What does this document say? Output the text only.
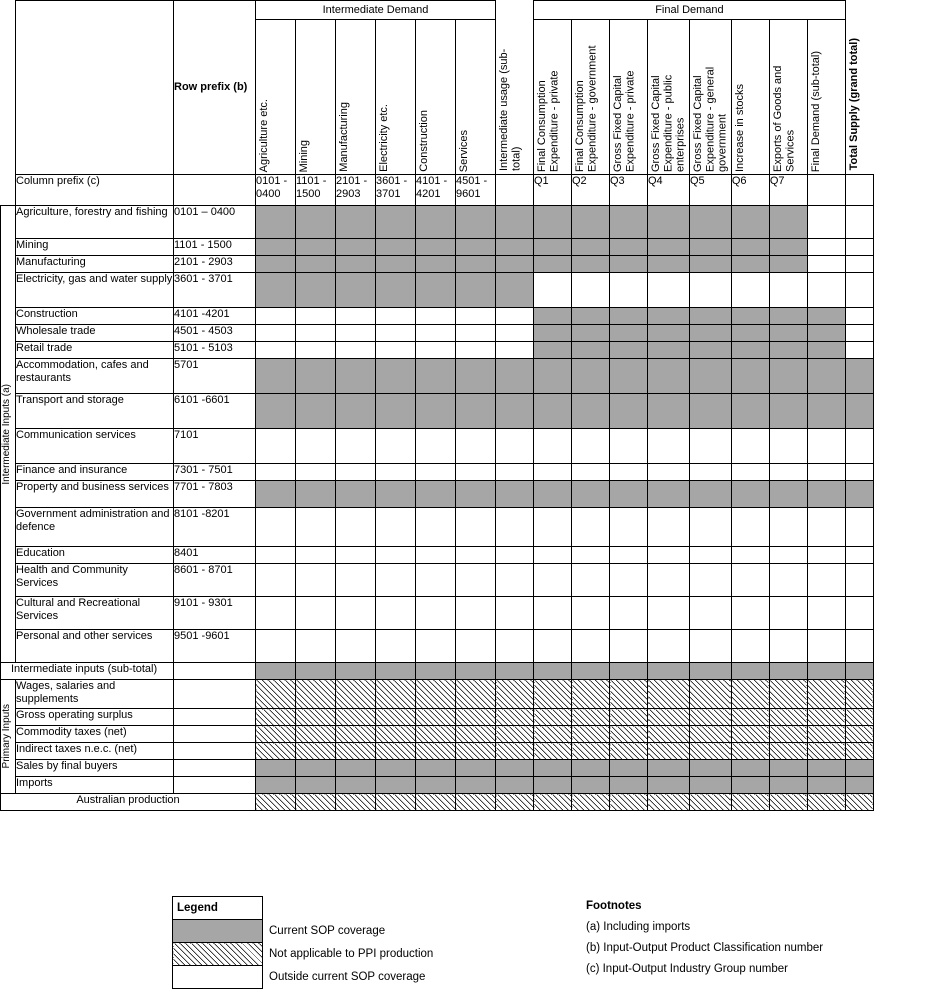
		Row prefix (b)	Intermediate Demand						Intermediate usage (sub-total)	Final Demand								Total Supply (grand total)

			Agriculture etc.	Mining	Manufacturing	Electricity etc.	Construction	Services		Final Consumption Expenditure - private	Final Consumption Expenditure - government	Gross Fixed Capital Expenditure - private	Gross Fixed Capital Expenditure - public enterprises	Gross Fixed Capital Expenditure - general government	Increase in stocks	Exports of Goods and Services	Final Demand (sub-total)	

	Column prefix (c)		0101 - 0400	1101 - 1500	2101 - 2903	3601 - 3701	4101 - 4201	4501 - 9601		Q1	Q2	Q3	Q4	Q5	Q6	Q7		

Intermediate Inputs (a)	Agriculture, forestry and fishing	0101 – 0400																
	Mining	1101 - 1500																
	Manufacturing	2101 - 2903																
	Electricity, gas and water supply	3601 - 3701																
	Construction	4101 -4201																
	Wholesale trade	4501 - 4503																
	Retail trade	5101 - 5103																
	Accommodation, cafes and restaurants	5701																
	Transport and storage	6101 -6601																
	Communication services	7101																
	Finance and insurance	7301 - 7501																
	Property and business services	7701 - 7803																
	Government administration and defence	8101 -8201																
	Education	8401																
	Health and Community Services	8601 - 8701																
	Cultural and Recreational Services	9101 - 9301																
	Personal and other services	9501 -9601																
Intermediate inputs (sub-total)																		

Primary Inputs	Wages, salaries and supplements																	
	Gross operating surplus																	
	Commodity taxes (net)																	
	Indirect taxes n.e.c. (net)																	
	Sales by final buyers																	
	Imports																	
Australian production																		
Legend	
	Current SOP coverage
	Not applicable to PPI production
	Outside current SOP coverage
Footnotes
(a) Including imports
(b) Input-Output Product Classification number
(c) Input-Output Industry Group number
